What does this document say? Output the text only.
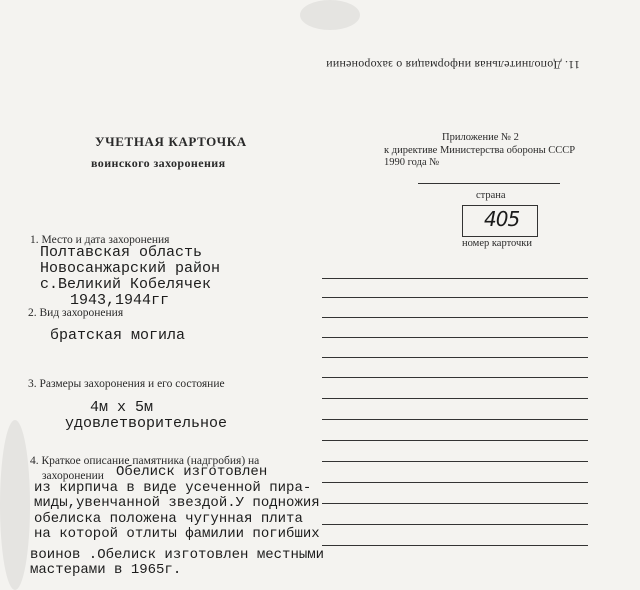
11. Дополнительная информация о захоронении
УЧЕТНАЯ КАРТОЧКА
воинского захоронения
Приложение № 2
к директиве Министерства обороны СССР
1990 года №
страна
405
номер карточки
1. Место и дата захоронения
Полтавская область
Новосанжарский район
с.Великий Кобелячек
1943,1944гг
2. Вид захоронения
братская могила
3. Размеры захоронения и его состояние
4м х 5м
удовлетворительное
4. Краткое описание памятника (надгробия) на
захоронении Обелиск изготовлен
из кирпича в виде усеченной пира-
миды,увенчанной звездой.У подножия
обелиска положена чугунная плита
на которой отлиты фамилии погибших
воинов .Обелиск изготовлен местными
мастерами в 1965г.
